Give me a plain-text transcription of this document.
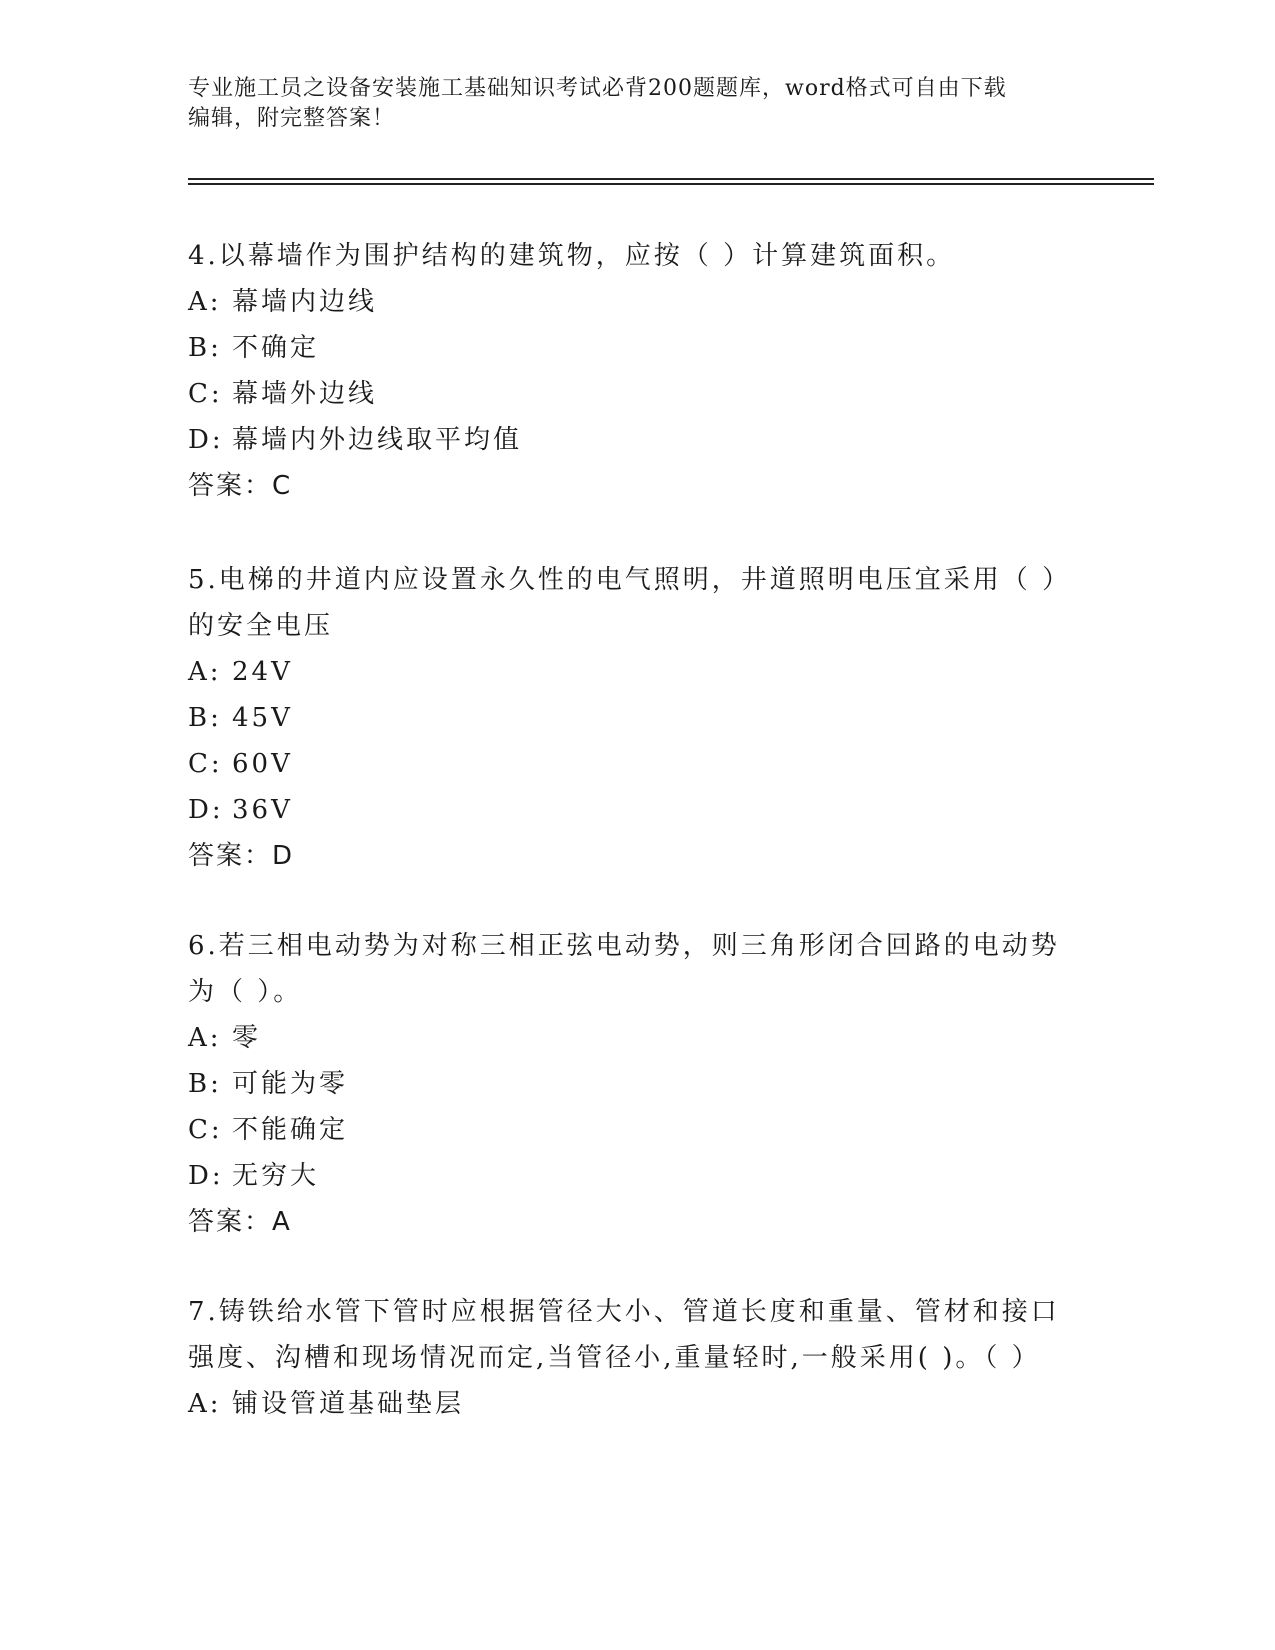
专业施工员之设备安装施工基础知识考试必背200题题库，word格式可自由下载
编辑，附完整答案！

4.以幕墙作为围护结构的建筑物，应按（ ）计算建筑面积。

A: 幕墙内边线

B: 不确定

C: 幕墙外边线

D: 幕墙内外边线取平均值

答案：C

5.电梯的井道内应设置永久性的电气照明，井道照明电压宜采用（ ）的安全电压

A: 24V

B: 45V

C: 60V

D: 36V

答案：D

6.若三相电动势为对称三相正弦电动势，则三角形闭合回路的电动势为（ ）。

A: 零

B: 可能为零

C: 不能确定

D: 无穷大

答案：A

7.铸铁给水管下管时应根据管径大小、管道长度和重量、管材和接口强度、沟槽和现场情况而定,当管径小,重量轻时,一般采用( )。（ ）

A: 铺设管道基础垫层
